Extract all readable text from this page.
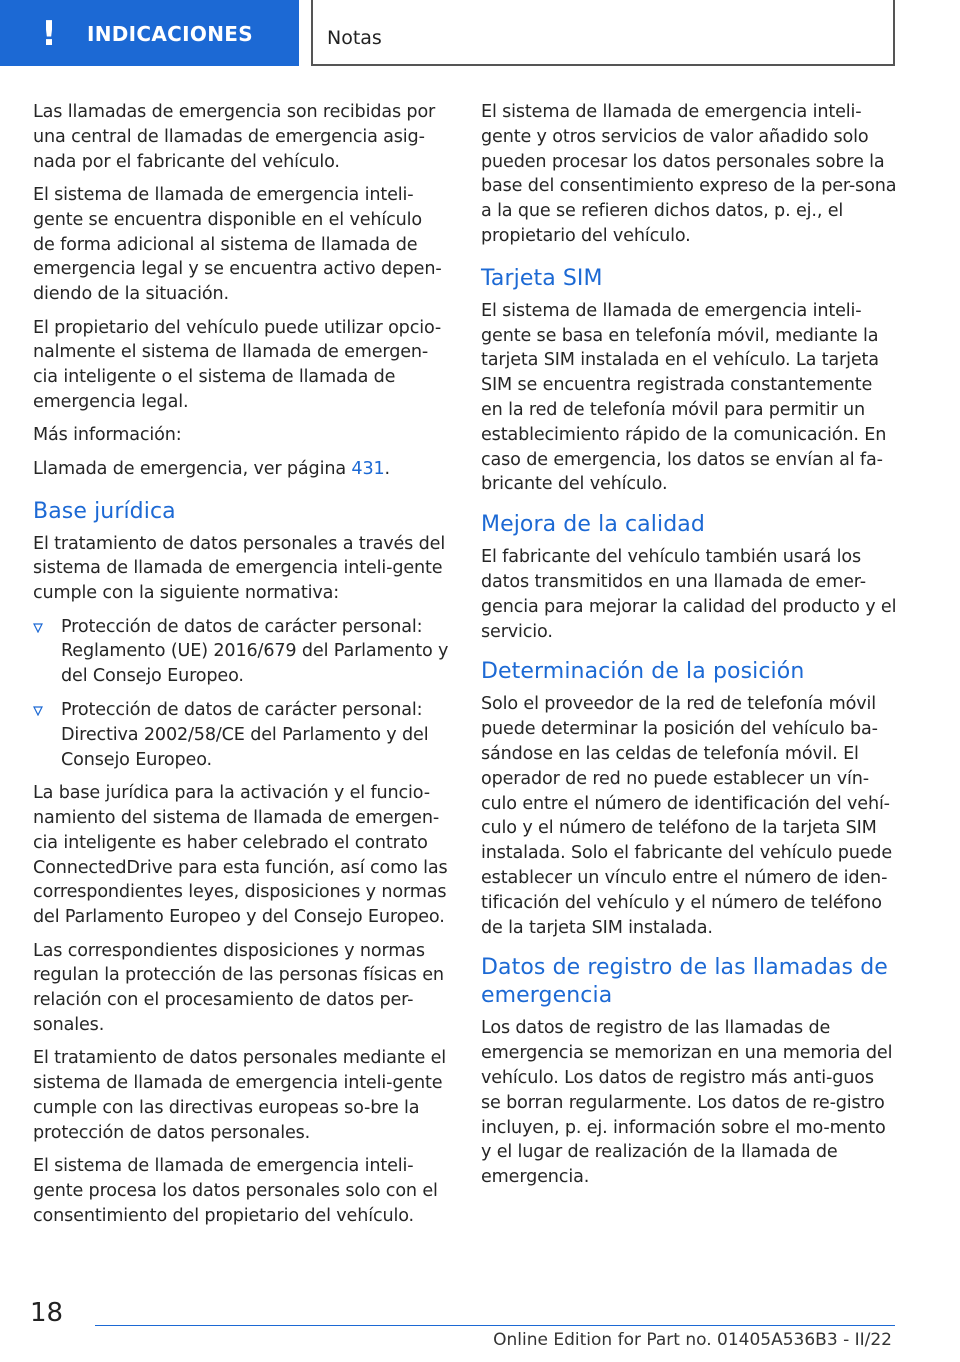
! INDICACIONES	Notas

Las llamadas de emergencia son recibidas por una central de llamadas de emergencia asig-nada por el fabricante del vehículo.

El sistema de llamada de emergencia inteli-gente se encuentra disponible en el vehículo de forma adicional al sistema de llamada de emergencia legal y se encuentra activo depen-diendo de la situación.

El propietario del vehículo puede utilizar opcio-nalmente el sistema de llamada de emergen-cia inteligente o el sistema de llamada de emergencia legal.

Más información:

Llamada de emergencia, ver página 431.

Base jurídica

El tratamiento de datos personales a través del sistema de llamada de emergencia inteli-gente cumple con la siguiente normativa:

Protección de datos de carácter personal: Reglamento (UE) 2016/679 del Parlamento y del Consejo Europeo.
Protección de datos de carácter personal: Directiva 2002/58/CE del Parlamento y del Consejo Europeo.

La base jurídica para la activación y el funcio-namiento del sistema de llamada de emergen-cia inteligente es haber celebrado el contrato ConnectedDrive para esta función, así como las correspondientes leyes, disposiciones y normas del Parlamento Europeo y del Consejo Europeo.

Las correspondientes disposiciones y normas regulan la protección de las personas físicas en relación con el procesamiento de datos per-sonales.

El tratamiento de datos personales mediante el sistema de llamada de emergencia inteli-gente cumple con las directivas europeas so-bre la protección de datos personales.

El sistema de llamada de emergencia inteli-gente procesa los datos personales solo con el consentimiento del propietario del vehículo.

El sistema de llamada de emergencia inteli-gente y otros servicios de valor añadido solo pueden procesar los datos personales sobre la base del consentimiento expreso de la per-sona a la que se refieren dichos datos, p. ej., el propietario del vehículo.

Tarjeta SIM

El sistema de llamada de emergencia inteli-gente se basa en telefonía móvil, mediante la tarjeta SIM instalada en el vehículo. La tarjeta SIM se encuentra registrada constantemente en la red de telefonía móvil para permitir un establecimiento rápido de la comunicación. En caso de emergencia, los datos se envían al fa-bricante del vehículo.

Mejora de la calidad

El fabricante del vehículo también usará los datos transmitidos en una llamada de emer-gencia para mejorar la calidad del producto y el servicio.

Determinación de la posición

Solo el proveedor de la red de telefonía móvil puede determinar la posición del vehículo ba-sándose en las celdas de telefonía móvil. El operador de red no puede establecer un vín-culo entre el número de identificación del vehí-culo y el número de teléfono de la tarjeta SIM instalada. Solo el fabricante del vehículo puede establecer un vínculo entre el número de iden-tificación del vehículo y el número de teléfono de la tarjeta SIM instalada.

Datos de registro de las llamadas de emergencia

Los datos de registro de las llamadas de emergencia se memorizan en una memoria del vehículo. Los datos de registro más anti-guos se borran regularmente. Los datos de re-gistro incluyen, p. ej. información sobre el mo-mento y el lugar de realización de la llamada de emergencia.

18
Online Edition for Part no. 01405A536B3 - II/22
